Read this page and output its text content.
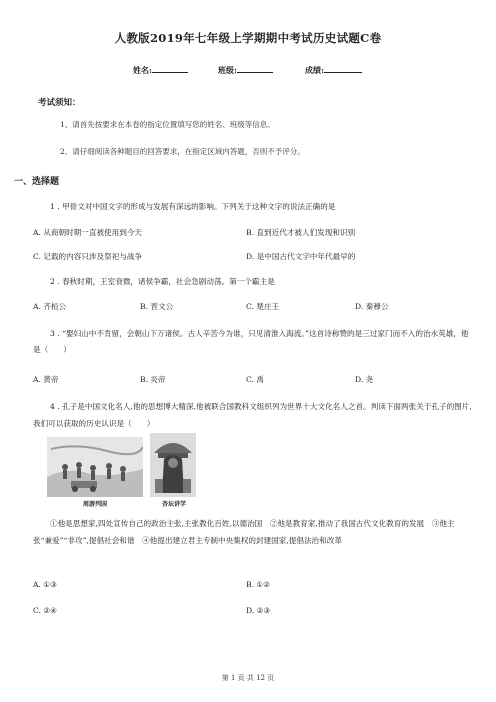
人教版2019年七年级上学期期中考试历史试题C卷
姓名:	班级:	成绩:
考试须知：
1、请首先按要求在本卷的指定位置填写您的姓名、班级等信息。
2、请仔细阅读各种题目的回答要求，在指定区域内答题，否则不予评分。
一、选择题
1 . 甲骨文对中国文字的形成与发展有深远的影响。下列关于这种文字的说法正确的是
A. 从商朝时期一直被使用到今天	B. 直到近代才被人们发现和识别
C. 记载的内容只涉及祭祀与战争	D. 是中国古代文字中年代最早的
2 . 春秋时期，王室衰微，诸侯争霸，社会急剧动荡。第一个霸主是
A. 齐桓公	B. 晋文公	C. 楚庄王	D. 秦穆公
3 . “娶妇山中不肯留，会朝山下万诸侯。古人辛苦今为谁，只见清淮入海流。”这首诗称赞的是三过家门而不入的治水英雄，他是（　　）
A. 黄帝	B. 炎帝	C. 禹	D. 尧
4 . 孔子是中国文化名人,他的思想博大精深,他被联合国教科文组织列为世界十大文化名人之首。判读下面两张关于孔子的图片,我们可以获取的历史认识是（　　）
周游列国	杏坛讲学
①他是思想家,四处宣传自己的政治主张,主张教化百姓,以德治国　②他是教育家,推动了我国古代文化教育的发展　③他主张“兼爱”“非攻”,提倡社会和谐　④他提出建立君主专制中央集权的封建国家,提倡法治和改革
A. ①③	B. ①②
C. ②④	D. ②③
第 1 页 共 12 页
